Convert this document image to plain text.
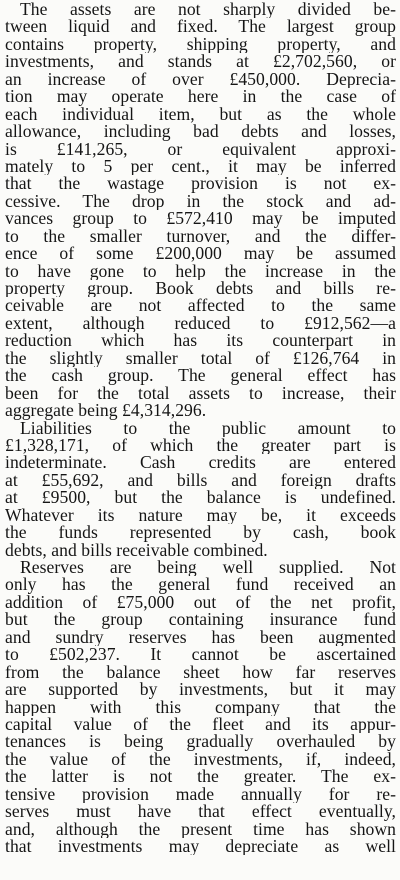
The assets are not sharply divided be-
tween liquid and fixed. The largest group
contains property, shipping property, and
investments, and stands at £2,702,560, or
an increase of over £450,000. Deprecia-
tion may operate here in the case of
each individual item, but as the whole
allowance, including bad debts and losses,
is £141,265, or equivalent approxi-
mately to 5 per cent., it may be inferred
that the wastage provision is not ex-
cessive. The drop in the stock and ad-
vances group to £572,410 may be imputed
to the smaller turnover, and the differ-
ence of some £200,000 may be assumed
to have gone to help the increase in the
property group. Book debts and bills re-
ceivable are not affected to the same
extent, although reduced to £912,562—a
reduction which has its counterpart in
the slightly smaller total of £126,764 in
the cash group. The general effect has
been for the total assets to increase, their
aggregate being £4,314,296.
Liabilities to the public amount to
£1,328,171, of which the greater part is
indeterminate. Cash credits are entered
at £55,692, and bills and foreign drafts
at £9500, but the balance is undefined.
Whatever its nature may be, it exceeds
the funds represented by cash, book
debts, and bills receivable combined.
Reserves are being well supplied. Not
only has the general fund received an
addition of £75,000 out of the net profit,
but the group containing insurance fund
and sundry reserves has been augmented
to £502,237. It cannot be ascertained
from the balance sheet how far reserves
are supported by investments, but it may
happen with this company that the
capital value of the fleet and its appur-
tenances is being gradually overhauled by
the value of the investments, if, indeed,
the latter is not the greater. The ex-
tensive provision made annually for re-
serves must have that effect eventually,
and, although the present time has shown
that investments may depreciate as well
